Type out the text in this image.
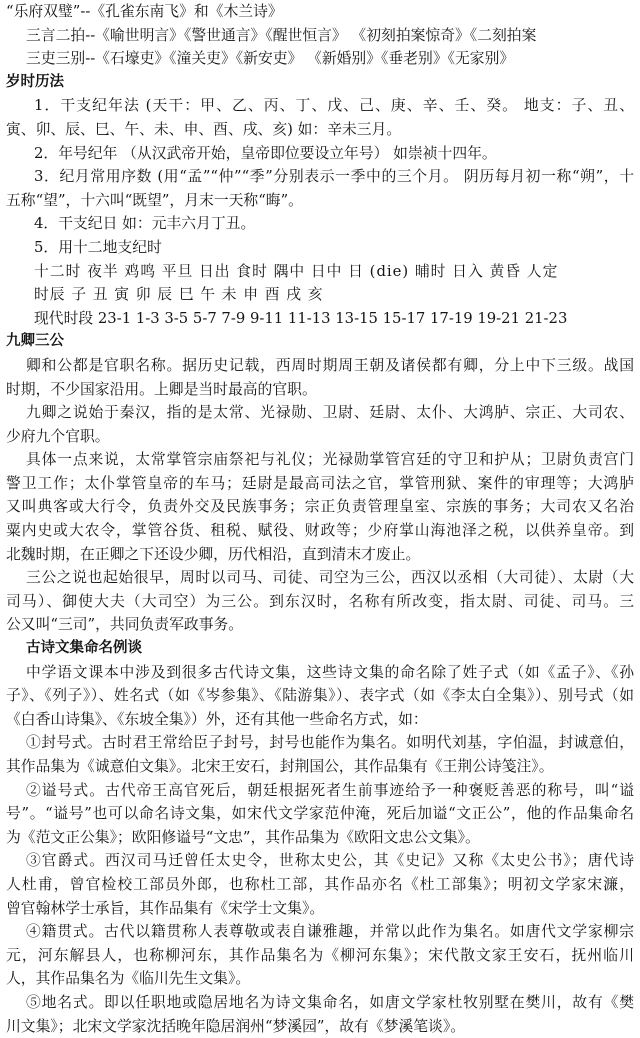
“乐府双璧”--《孔雀东南飞》和《木兰诗》
三言二拍--《喻世明言》《警世通言》《醒世恒言》 《初刻拍案惊奇》《二刻拍案
三吏三别--《石壕吏》《潼关吏》《新安吏》 《新婚别》《垂老别》《无家别》
岁时历法
1．干支纪年法 (天干：甲、乙、丙、丁、戊、己、庚、辛、壬、癸。 地支：子、丑、
寅、卯、辰、巳、午、未、申、酉、戌、亥) 如：辛未三月。
2．年号纪年 （从汉武帝开始，皇帝即位要设立年号） 如崇祯十四年。
3．纪月常用序数 (用“孟”“仲”“季”分别表示一季中的三个月。 阴历每月初一称“朔”，十
五称“望”，十六叫“既望”，月末一天称“晦”。
4．干支纪日 如：元丰六月丁丑。
5．用十二地支纪时
十二时 夜半 鸡鸣 平旦 日出 食时 隅中 日中 日 (die) 晡时 日入 黄昏 人定
时辰 子 丑 寅 卯 辰 巳 午 未 申 酉 戌 亥
现代时段 23-1 1-3 3-5 5-7 7-9 9-11 11-13 13-15 15-17 17-19 19-21 21-23
九卿三公
卿和公都是官职名称。据历史记载，西周时期周王朝及诸侯都有卿，分上中下三级。战国
时期，不少国家沿用。上卿是当时最高的官职。
九卿之说始于秦汉，指的是太常、光禄勋、卫尉、廷尉、太仆、大鸿胪、宗正、大司农、
少府九个官职。
具体一点来说，太常掌管宗庙祭祀与礼仪；光禄勋掌管宫廷的守卫和护从；卫尉负责宫门
警卫工作；太仆掌管皇帝的车马；廷尉是最高司法之官，掌管刑狱、案件的审理等；大鸿胪
又叫典客或大行令，负责外交及民族事务；宗正负责管理皇室、宗族的事务；大司农又名治
粟内史或大农令，掌管谷货、租税、赋役、财政等；少府掌山海池泽之税，以供养皇帝。到
北魏时期，在正卿之下还设少卿，历代相沿，直到清末才废止。
三公之说也起始很早，周时以司马、司徒、司空为三公，西汉以丞相（大司徒）、太尉（大
司马）、御使大夫（大司空）为三公。到东汉时，名称有所改变，指太尉、司徒、司马。三
公又叫“三司”，共同负责军政事务。
古诗文集命名例谈
中学语文课本中涉及到很多古代诗文集，这些诗文集的命名除了姓子式（如《孟子》、《孙
子》、《列子》）、姓名式（如《岑参集》、《陆游集》）、表字式（如《李太白全集》）、别号式（如
《白香山诗集》、《东坡全集》）外，还有其他一些命名方式，如：
①封号式。古时君王常给臣子封号，封号也能作为集名。如明代刘基，字伯温，封诚意伯，
其作品集为《诚意伯文集》。北宋王安石，封荆国公，其作品集有《王荆公诗笺注》。
②谥号式。古代帝王高官死后，朝廷根据死者生前事迹给予一种褒贬善恶的称号，叫“谥
号”。“谥号”也可以命名诗文集，如宋代文学家范仲淹，死后加谥“文正公”，他的作品集命名
为《范文正公集》；欧阳修谥号“文忠”，其作品集为《欧阳文忠公文集》。
③官爵式。西汉司马迁曾任太史令，世称太史公，其《史记》又称《太史公书》；唐代诗
人杜甫，曾官检校工部员外郎，也称杜工部，其作品亦名《杜工部集》；明初文学家宋濂，
曾官翰林学士承旨，其作品集有《宋学士文集》。
④籍贯式。古代以籍贯称人表尊敬或表自谦雅趣，并常以此作为集名。如唐代文学家柳宗
元，河东解县人，也称柳河东，其作品集名为《柳河东集》；宋代散文家王安石，抚州临川
人，其作品集名为《临川先生文集》。
⑤地名式。即以任职地或隐居地名为诗文集命名，如唐文学家杜牧别墅在樊川，故有《樊
川文集》；北宋文学家沈括晚年隐居润州“梦溪园”，故有《梦溪笔谈》。
